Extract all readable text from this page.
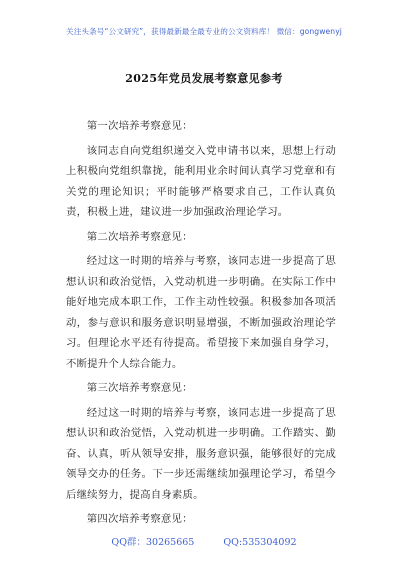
关注头条号“公文研究”，获得最新最全最专业的公文资料库！ 微信：gongwenyj
2025年党员发展考察意见参考

第一次培养考察意见：

该同志自向党组织递交入党申请书以来，思想上行动上积极向党组织靠拢，能利用业余时间认真学习党章和有关党的理论知识；平时能够严格要求自己，工作认真负责，积极上进，建议进一步加强政治理论学习。

第二次培养考察意见：

经过这一时期的培养与考察，该同志进一步提高了思想认识和政治觉悟，入党动机进一步明确。在实际工作中能好地完成本职工作，工作主动性较强。积极参加各项活动，参与意识和服务意识明显增强，不断加强政治理论学习。但理论水平还有待提高。希望接下来加强自身学习，不断提升个人综合能力。

第三次培养考察意见：

经过这一时期的培养与考察，该同志进一步提高了思想认识和政治觉悟，入党动机进一步明确。工作踏实、勤奋、认真，听从领导安排，服务意识强，能够很好的完成领导交办的任务。下一步还需继续加强理论学习，希望今后继续努力，提高自身素质。

第四次培养考察意见：

QQ群：30265665	QQ:535304092
